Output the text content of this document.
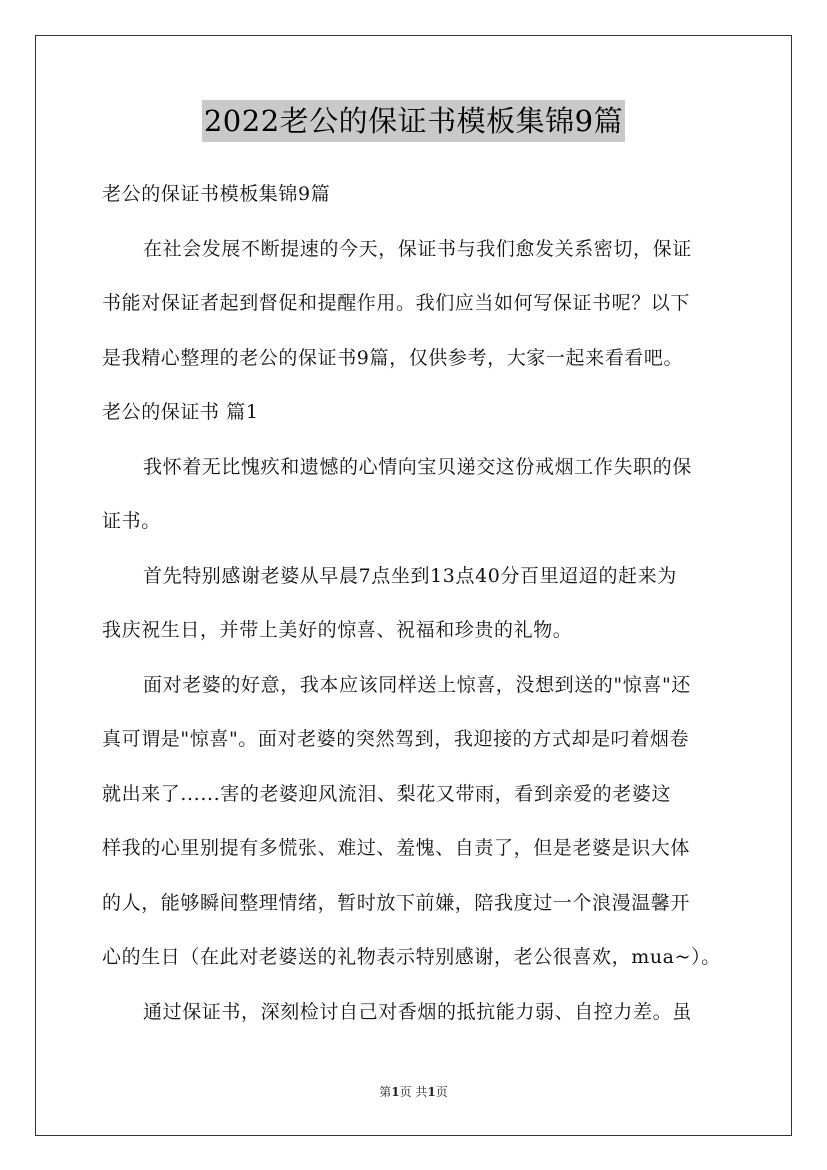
2022老公的保证书模板集锦9篇
老公的保证书模板集锦9篇
在社会发展不断提速的今天，保证书与我们愈发关系密切，保证
书能对保证者起到督促和提醒作用。我们应当如何写保证书呢？以下
是我精心整理的老公的保证书9篇，仅供参考，大家一起来看看吧。
老公的保证书 篇1
我怀着无比愧疚和遗憾的心情向宝贝递交这份戒烟工作失职的保
证书。
首先特别感谢老婆从早晨7点坐到13点40分百里迢迢的赶来为
我庆祝生日，并带上美好的惊喜、祝福和珍贵的礼物。
面对老婆的好意，我本应该同样送上惊喜，没想到送的"惊喜"还
真可谓是"惊喜"。面对老婆的突然驾到，我迎接的方式却是叼着烟卷
就出来了......害的老婆迎风流泪、梨花又带雨，看到亲爱的老婆这
样我的心里别提有多慌张、难过、羞愧、自责了，但是老婆是识大体
的人，能够瞬间整理情绪，暂时放下前嫌，陪我度过一个浪漫温馨开
心的生日（在此对老婆送的礼物表示特别感谢，老公很喜欢，mua~）。
通过保证书，深刻检讨自己对香烟的抵抗能力弱、自控力差。虽
第1页 共1页
